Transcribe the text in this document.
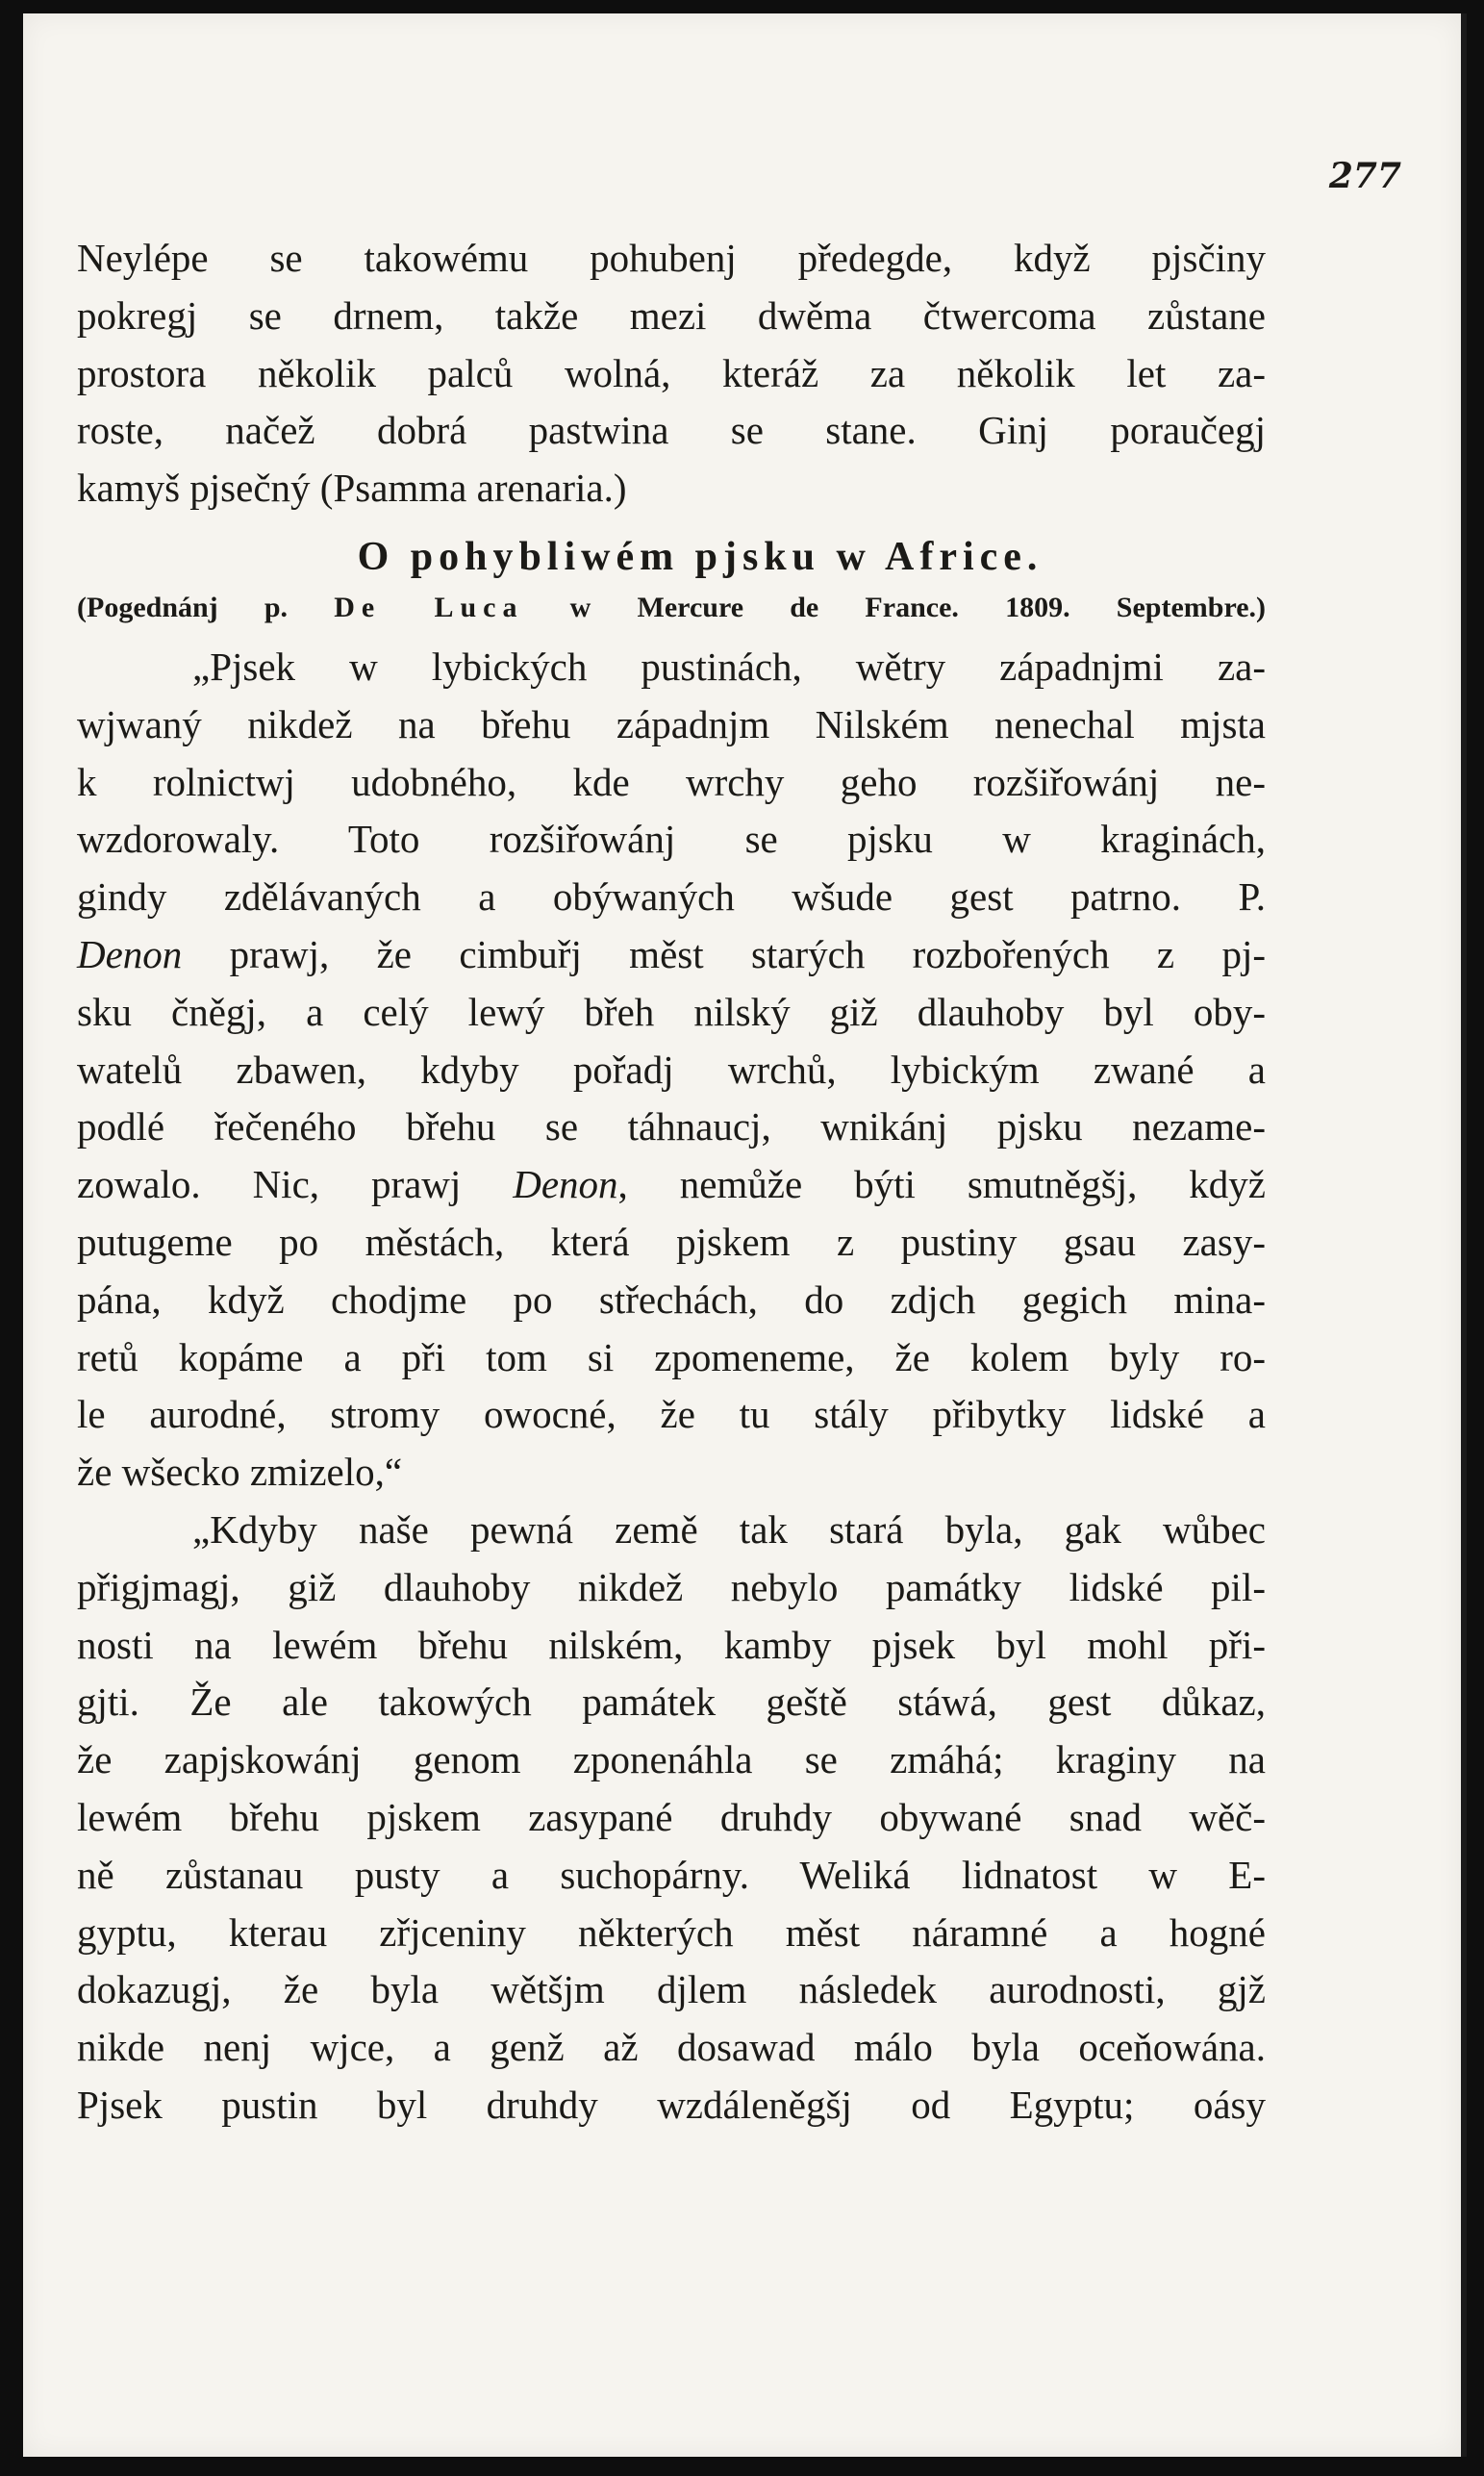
277

Neylépe se takowému pohubenj předegde, když pjsčiny

pokregj se drnem, takže mezi dwěma čtwercoma zůstane

prostora několik palců wolná, kteráž za několik let za-

roste, načež dobrá pastwina se stane. Ginj poraučegj

kamyš pjsečný (Psamma arenaria.)

O pohybliwém pjsku w Africe.

(Pogednánj p. De Luca w Mercure de France. 1809. Septembre.)

„Pjsek w lybických pustinách, wětry západnjmi za-

wjwaný nikdež na břehu západnjm Nilském nenechal mjsta

k rolnictwj udobného, kde wrchy geho rozšiřowánj ne-

wzdorowaly. Toto rozšiřowánj se pjsku w kraginách,

gindy zdělávaných a obýwaných wšude gest patrno. P.

Denon prawj, že cimbuřj měst starých rozbořených z pj-

sku čněgj, a celý lewý břeh nilský giž dlauhoby byl oby-

watelů zbawen, kdyby pořadj wrchů, lybickým zwané a

podlé řečeného břehu se táhnaucj, wnikánj pjsku nezame-

zowalo. Nic, prawj Denon, nemůže býti smutněgšj, když

putugeme po městách, která pjskem z pustiny gsau zasy-

pána, když chodjme po střechách, do zdjch gegich mina-

retů kopáme a při tom si zpomeneme, že kolem byly ro-

le aurodné, stromy owocné, že tu stály přibytky lidské a

že wšecko zmizelo,“

„Kdyby naše pewná země tak stará byla, gak wůbec

přigjmagj, giž dlauhoby nikdež nebylo památky lidské pil-

nosti na lewém břehu nilském, kamby pjsek byl mohl při-

gjti. Že ale takowých památek geště stáwá, gest důkaz,

že zapjskowánj genom zponenáhla se zmáhá; kraginy na

lewém břehu pjskem zasypané druhdy obywané snad wěč-

ně zůstanau pusty a suchopárny. Weliká lidnatost w E-

gyptu, kterau zřjceniny některých měst náramné a hogné

dokazugj, že byla wětšjm djlem následek aurodnosti, gjž

nikde nenj wjce, a genž až dosawad málo byla oceňowána.

Pjsek pustin byl druhdy wzdáleněgšj od Egyptu; oásy
